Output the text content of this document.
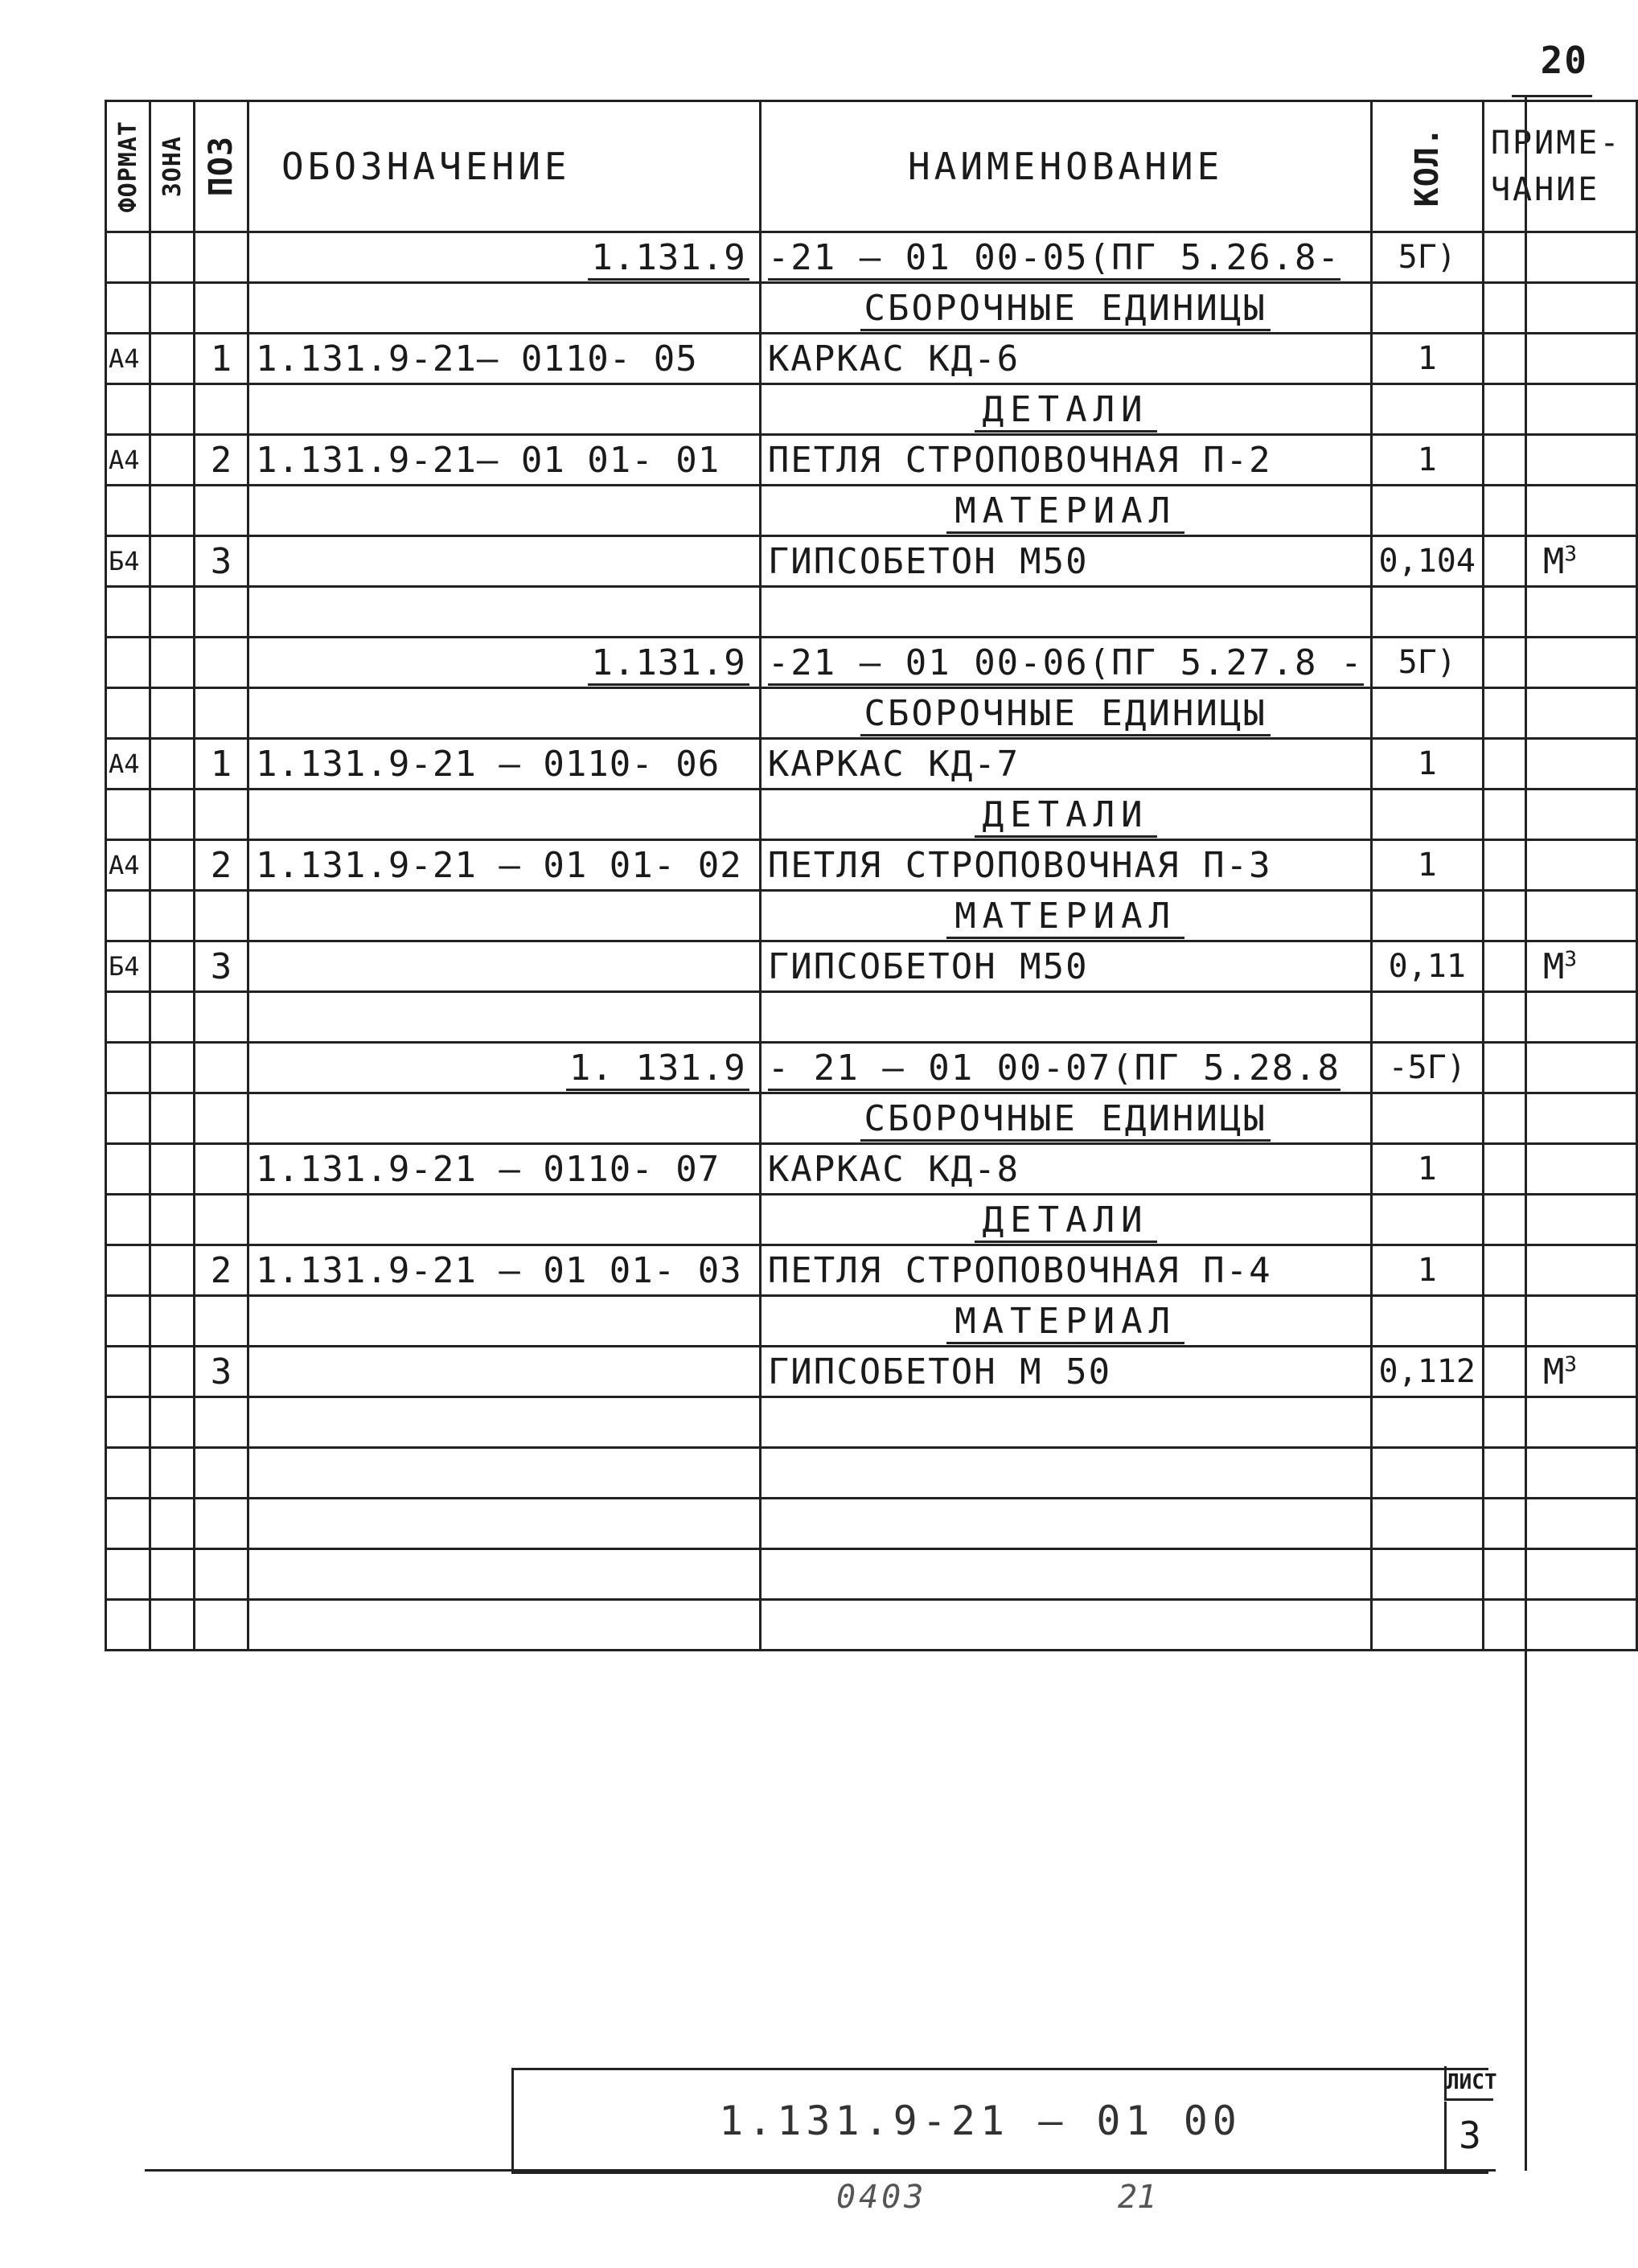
20
ФОРМАТ	ЗОНА	ПОЗ	ОБОЗНАЧЕНИЕ	НАИМЕНОВАНИЕ	КОЛ.	ПРИМЕ-
ЧАНИЕ

			1.131.9	-21 – 01 00-05(ПГ 5.26.8-	5Г)	
				СБОРОЧНЫЕ ЕДИНИЦЫ		
А4		1	1.131.9-21– 0110- 05	КАРКАС КД-6	1	
				ДЕТАЛИ		
А4		2	1.131.9-21– 01 01- 01	ПЕТЛЯ СТРОПОВОЧНАЯ П-2	1	
				МАТЕРИАЛ		
Б4		3		ГИПСОБЕТОН М50	0,104	$М^3$

			1.131.9	-21 – 01 00-06(ПГ 5.27.8 -	5Г)	
				СБОРОЧНЫЕ ЕДИНИЦЫ		
А4		1	1.131.9-21 — 0110- 06	КАРКАС КД-7	1	
				ДЕТАЛИ		
А4		2	1.131.9-21 — 01 01- 02	ПЕТЛЯ СТРОПОВОЧНАЯ П-3	1	
				МАТЕРИАЛ		
Б4		3		ГИПСОБЕТОН М50	0,11	$М^3$

			1. 131.9	- 21 – 01 00-07(ПГ 5.28.8	-5Г)	
				СБОРОЧНЫЕ ЕДИНИЦЫ		
			1.131.9-21 — 0110- 07	КАРКАС КД-8	1	
				ДЕТАЛИ		
		2	1.131.9-21 — 01 01- 03	ПЕТЛЯ СТРОПОВОЧНАЯ П-4	1	
				МАТЕРИАЛ		
		3		ГИПСОБЕТОН М 50	0,112	$М^3$

1.131.9-21 – 01 00
ЛИСТ
3
0403	21
